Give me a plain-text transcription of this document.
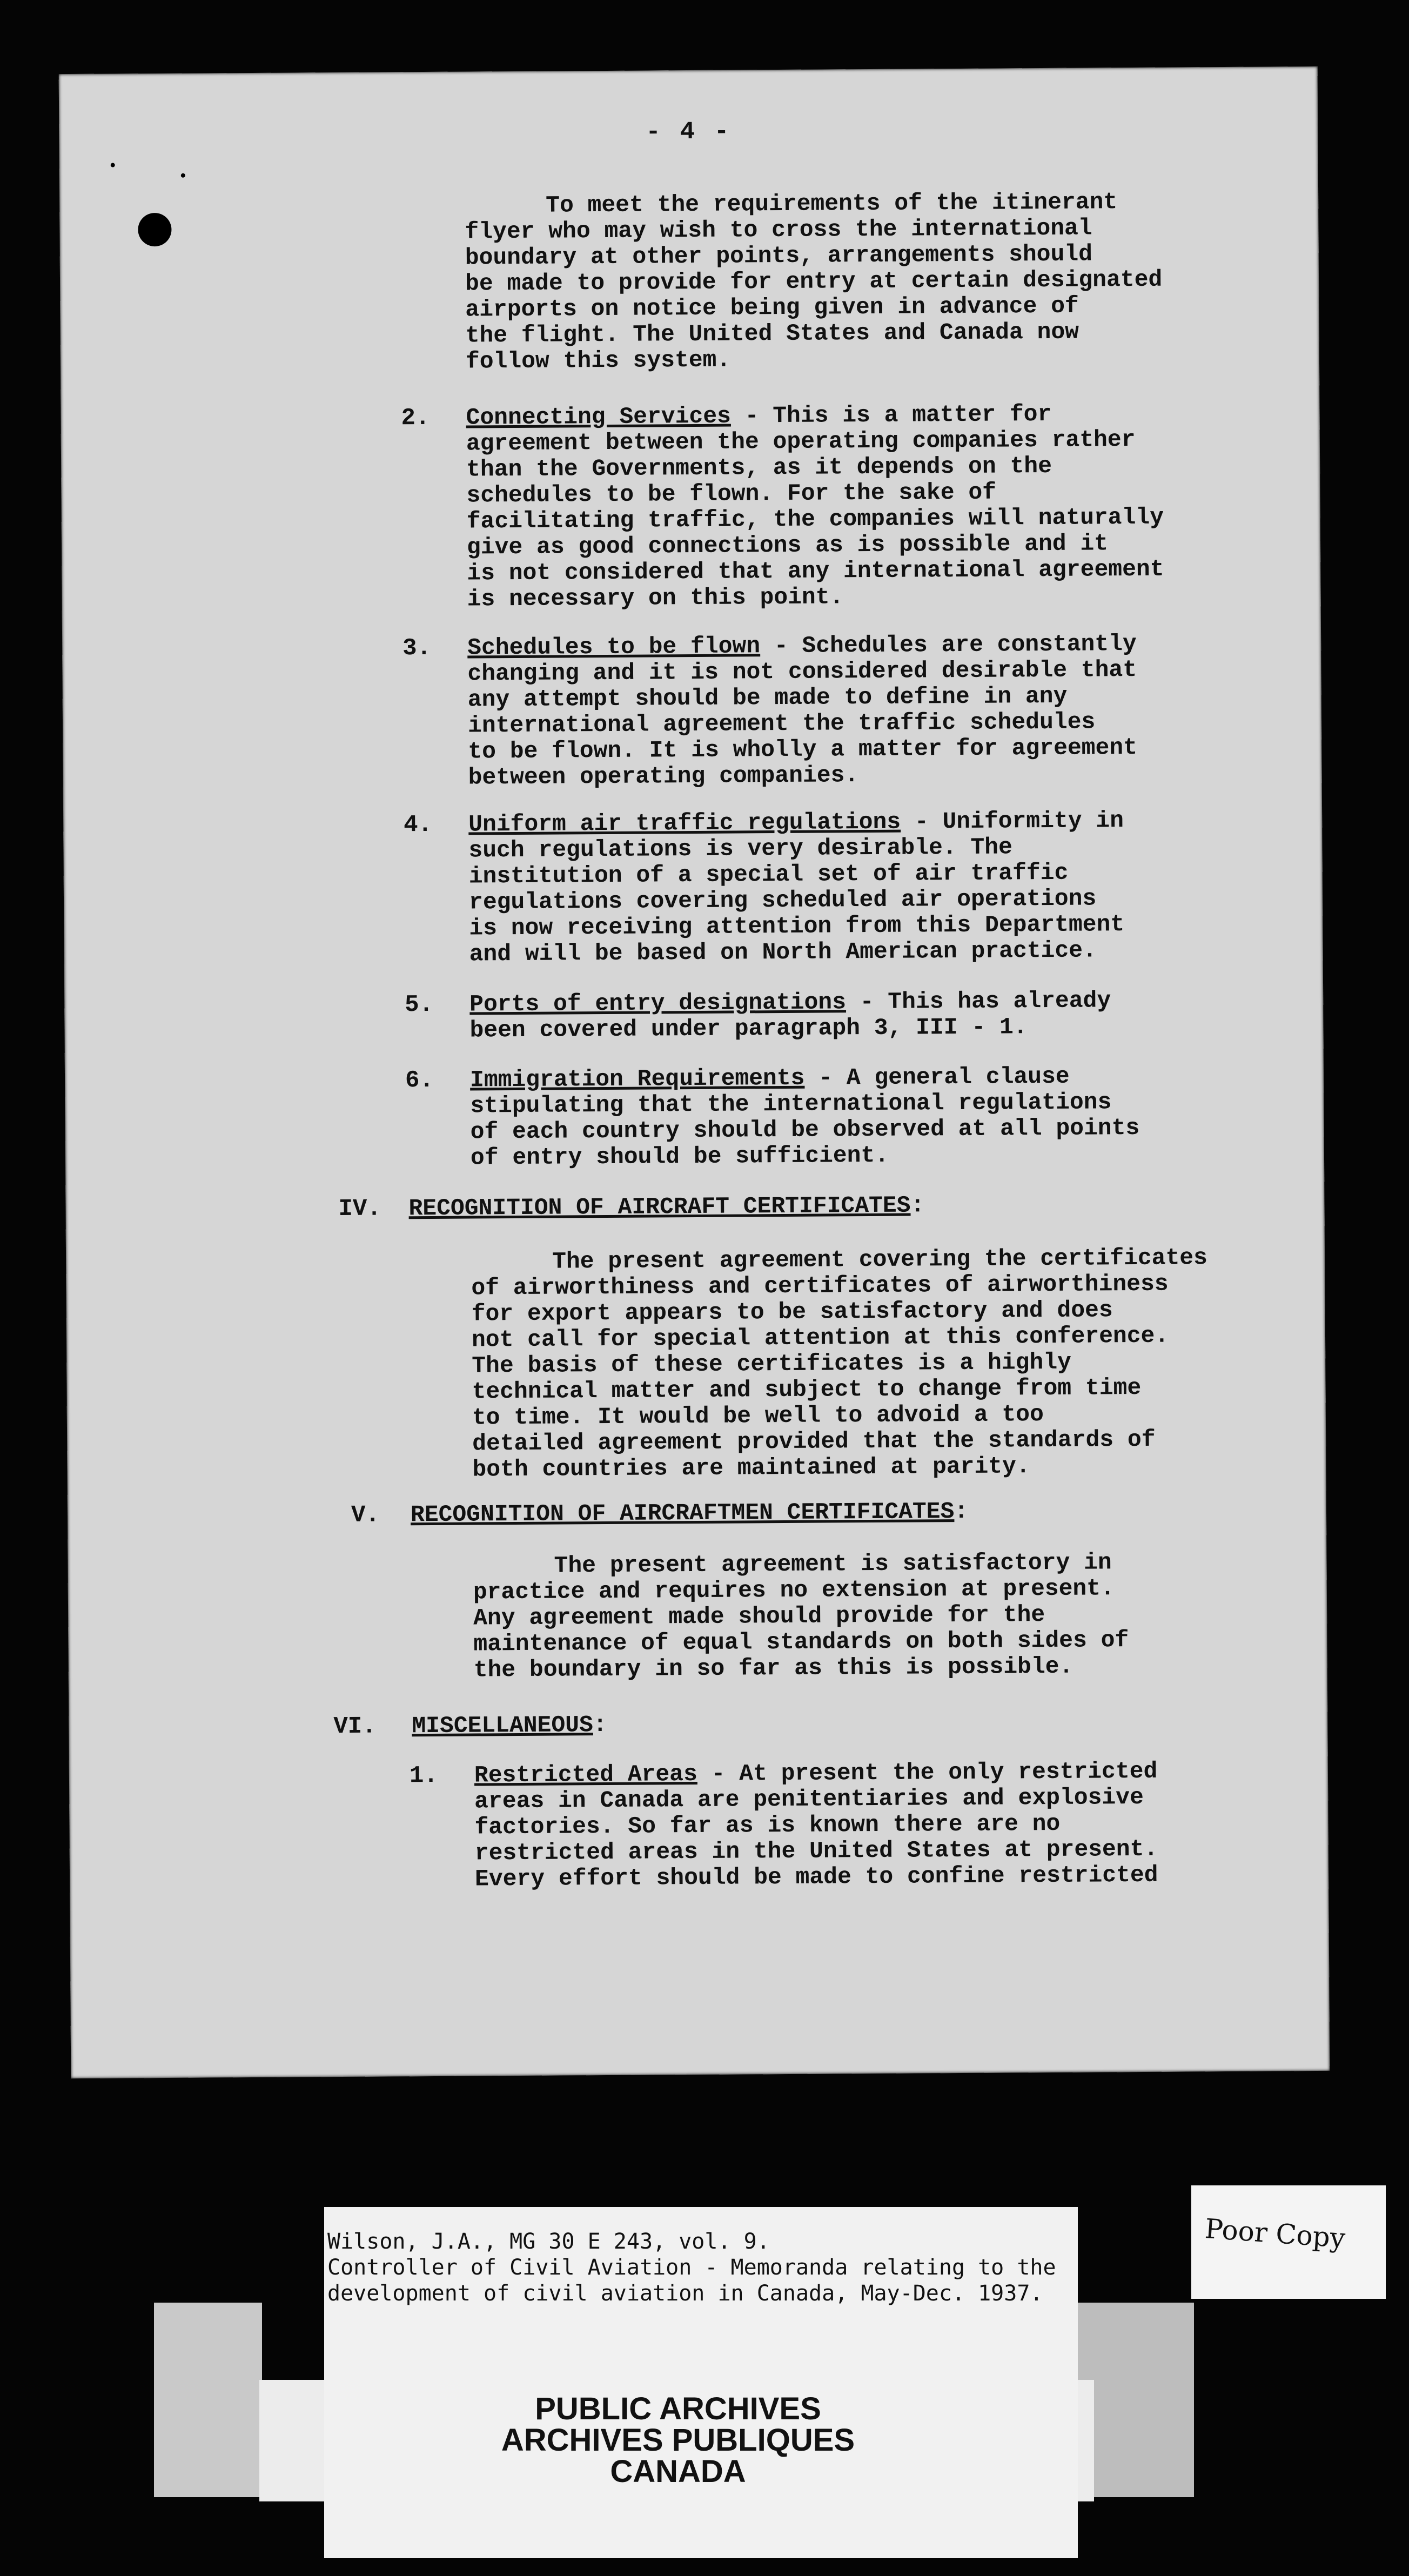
- 4 -

To meet the requirements of the itinerant
flyer who may wish to cross the international
boundary at other points, arrangements should
be made to provide for entry at certain designated
airports on notice being given in advance of
the flight. The United States and Canada now
follow this system.

2. Connecting Services - This is a matter for
agreement between the operating companies rather
than the Governments, as it depends on the
schedules to be flown. For the sake of
facilitating traffic, the companies will naturally
give as good connections as is possible and it
is not considered that any international agreement
is necessary on this point.

3. Schedules to be flown - Schedules are constantly
changing and it is not considered desirable that
any attempt should be made to define in any
international agreement the traffic schedules
to be flown. It is wholly a matter for agreement
between operating companies.

4. Uniform air traffic regulations - Uniformity in
such regulations is very desirable. The
institution of a special set of air traffic
regulations covering scheduled air operations
is now receiving attention from this Department
and will be based on North American practice.

5. Ports of entry designations - This has already
been covered under paragraph 3, III - 1.

6. Immigration Requirements - A general clause
stipulating that the international regulations
of each country should be observed at all points
of entry should be sufficient.

IV. RECOGNITION OF AIRCRAFT CERTIFICATES:

The present agreement covering the certificates
of airworthiness and certificates of airworthiness
for export appears to be satisfactory and does
not call for special attention at this conference.
The basis of these certificates is a highly
technical matter and subject to change from time
to time. It would be well to advoid a too
detailed agreement provided that the standards of
both countries are maintained at parity.

V. RECOGNITION OF AIRCRAFTMEN CERTIFICATES:

The present agreement is satisfactory in
practice and requires no extension at present.
Any agreement made should provide for the
maintenance of equal standards on both sides of
the boundary in so far as this is possible.

VI. MISCELLANEOUS:

1. Restricted Areas - At present the only restricted
areas in Canada are penitentiaries and explosive
factories. So far as is known there are no
restricted areas in the United States at present.
Every effort should be made to confine restricted

Wilson, J.A., MG 30 E 243, vol. 9.
Controller of Civil Aviation - Memoranda relating to the
development of civil aviation in Canada, May-Dec. 1937.
PUBLIC ARCHIVES
ARCHIVES PUBLIQUES
CANADA
Poor Copy
